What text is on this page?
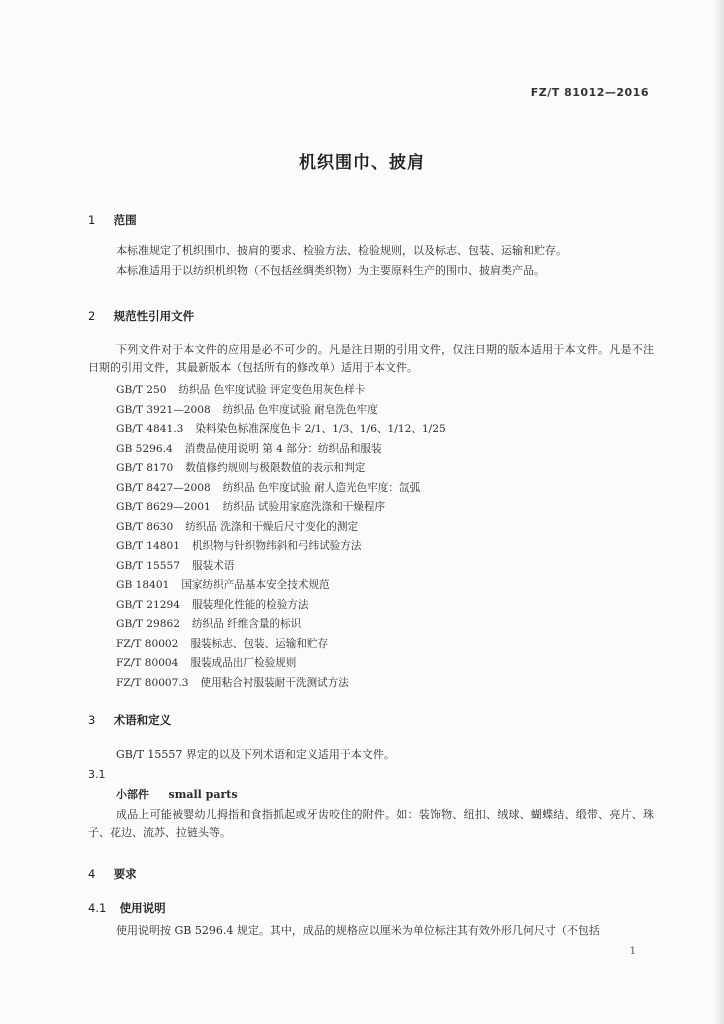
FZ/T 81012—2016
机织围巾、披肩
1 范围
本标准规定了机织围巾、披肩的要求、检验方法、检验规则，以及标志、包装、运输和贮存。
本标准适用于以纺织机织物（不包括丝绸类织物）为主要原料生产的围巾、披肩类产品。
2 规范性引用文件
下列文件对于本文件的应用是必不可少的。凡是注日期的引用文件，仅注日期的版本适用于本文件。凡是不注日期的引用文件，其最新版本（包括所有的修改单）适用于本文件。
GB/T 250 纺织品 色牢度试验 评定变色用灰色样卡
GB/T 3921—2008 纺织品 色牢度试验 耐皂洗色牢度
GB/T 4841.3 染料染色标准深度色卡 2/1、1/3、1/6、1/12、1/25
GB 5296.4 消费品使用说明 第 4 部分：纺织品和服装
GB/T 8170 数值修约规则与极限数值的表示和判定
GB/T 8427—2008 纺织品 色牢度试验 耐人造光色牢度：氙弧
GB/T 8629—2001 纺织品 试验用家庭洗涤和干燥程序
GB/T 8630 纺织品 洗涤和干燥后尺寸变化的测定
GB/T 14801 机织物与针织物纬斜和弓纬试验方法
GB/T 15557 服装术语
GB 18401 国家纺织产品基本安全技术规范
GB/T 21294 服装理化性能的检验方法
GB/T 29862 纺织品 纤维含量的标识
FZ/T 80002 服装标志、包装、运输和贮存
FZ/T 80004 服装成品出厂检验规则
FZ/T 80007.3 使用粘合衬服装耐干洗测试方法
3 术语和定义
GB/T 15557 界定的以及下列术语和定义适用于本文件。
3.1
小部件 small parts
成品上可能被婴幼儿拇指和食指抓起或牙齿咬住的附件。如：装饰物、纽扣、绒球、蝴蝶结、缎带、亮片、珠子、花边、流苏、拉链头等。
4 要求
4.1 使用说明
使用说明按 GB 5296.4 规定。其中，成品的规格应以厘米为单位标注其有效外形几何尺寸（不包括
1
